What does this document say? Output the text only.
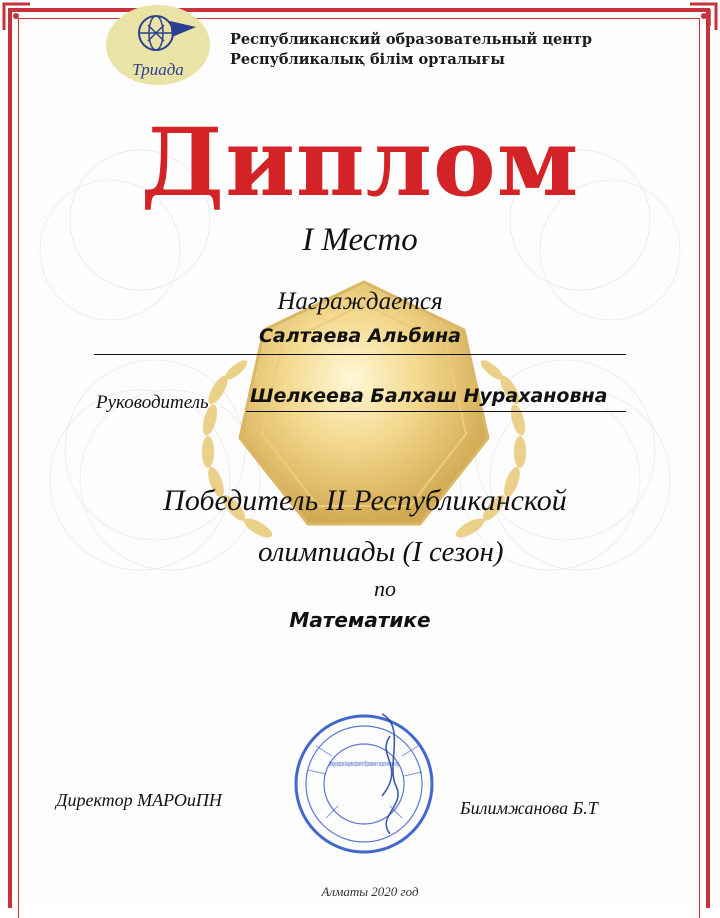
Триада
Республиканский образовательный центр
Республикалық білім орталығы
Диплом
I Место
Награждается
Салтаева Альбина
Руководитель Шелкеева Балхаш Нурахановна
Победитель II Республиканской
олимпиады (I сезон)
по
Математике
Международная Академия развития Образования и педагогических наук
Директор МАРОиПН	Билимжанова Б.Т
Алматы 2020 год
